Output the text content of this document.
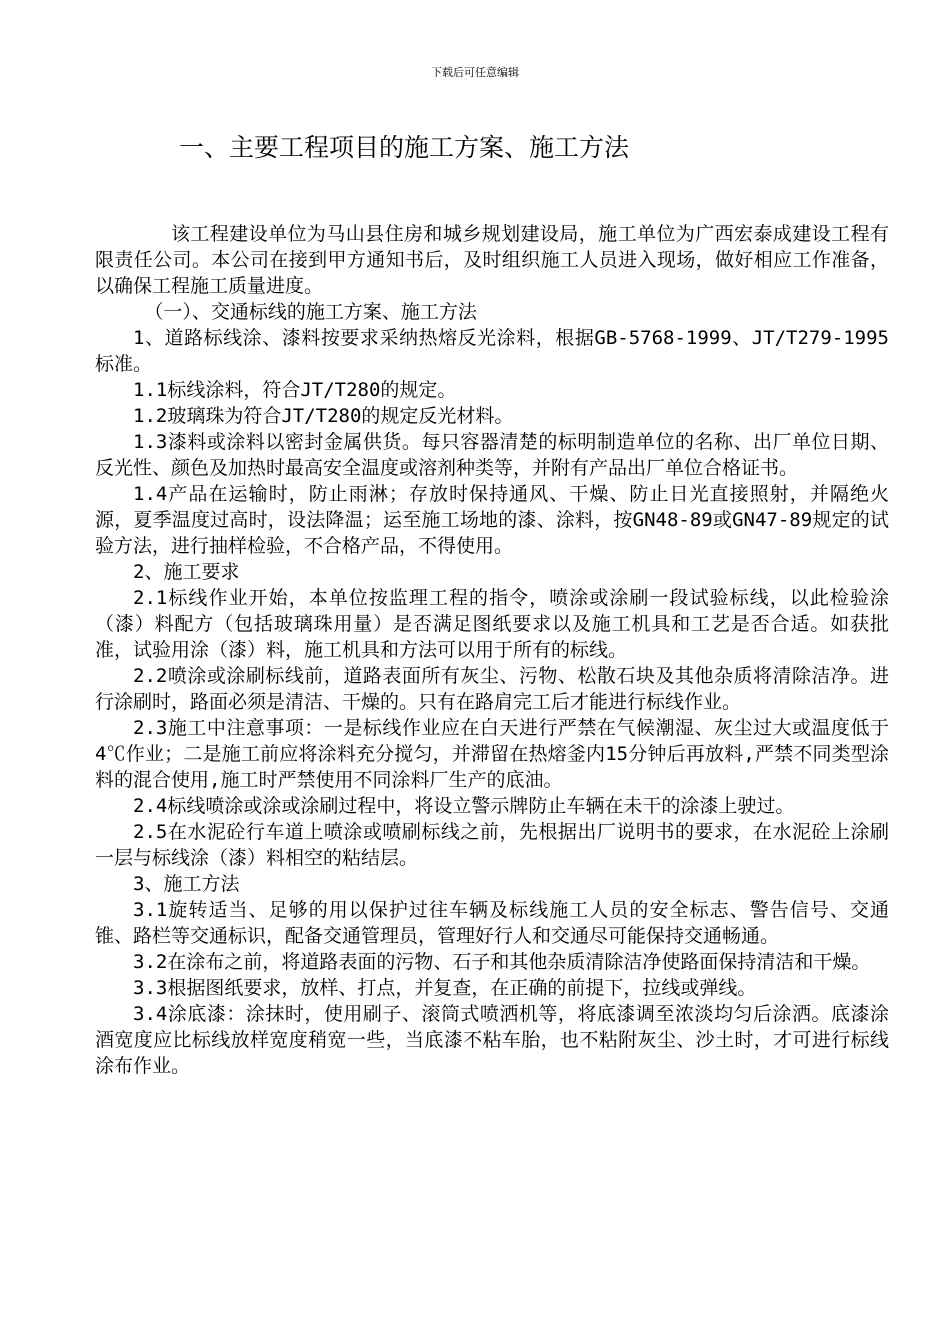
下载后可任意编辑
一、主要工程项目的施工方案、施工方法

该工程建设单位为马山县住房和城乡规划建设局，施工单位为广西宏泰成建设工程有限责任公司。本公司在接到甲方通知书后，及时组织施工人员进入现场，做好相应工作准备，以确保工程施工质量进度。

（一）、交通标线的施工方案、施工方法

1、道路标线涂、漆料按要求采纳热熔反光涂料，根据GB-5768-1999、JT/T279-1995标准。

1.1标线涂料，符合JT/T280的规定。

1.2玻璃珠为符合JT/T280的规定反光材料。

1.3漆料或涂料以密封金属供货。每只容器清楚的标明制造单位的名称、出厂单位日期、反光性、颜色及加热时最高安全温度或溶剂种类等，并附有产品出厂单位合格证书。

1.4产品在运输时，防止雨淋；存放时保持通风、干燥、防止日光直接照射，并隔绝火源，夏季温度过高时，设法降温；运至施工场地的漆、涂料，按GN48-89或GN47-89规定的试验方法，进行抽样检验，不合格产品，不得使用。

2、施工要求

2.1标线作业开始，本单位按监理工程的指令，喷涂或涂刷一段试验标线，以此检验涂（漆）料配方（包括玻璃珠用量）是否满足图纸要求以及施工机具和工艺是否合适。如获批准，试验用涂（漆）料，施工机具和方法可以用于所有的标线。

2.2喷涂或涂刷标线前，道路表面所有灰尘、污物、松散石块及其他杂质将清除洁净。进行涂刷时，路面必须是清洁、干燥的。只有在路肩完工后才能进行标线作业。

2.3施工中注意事项：一是标线作业应在白天进行严禁在气候潮湿、灰尘过大或温度低于4℃作业；二是施工前应将涂料充分搅匀，并滞留在热熔釜内15分钟后再放料,严禁不同类型涂料的混合使用,施工时严禁使用不同涂料厂生产的底油。

2.4标线喷涂或涂或涂刷过程中，将设立警示牌防止车辆在未干的涂漆上驶过。

2.5在水泥砼行车道上喷涂或喷刷标线之前，先根据出厂说明书的要求，在水泥砼上涂刷一层与标线涂（漆）料相空的粘结层。

3、施工方法

3.1旋转适当、足够的用以保护过往车辆及标线施工人员的安全标志、警告信号、交通锥、路栏等交通标识，配备交通管理员，管理好行人和交通尽可能保持交通畅通。

3.2在涂布之前，将道路表面的污物、石子和其他杂质清除洁净使路面保持清洁和干燥。

3.3根据图纸要求，放样、打点，并复查，在正确的前提下，拉线或弹线。

3.4涂底漆：涂抹时，使用刷子、滚筒式喷洒机等，将底漆调至浓淡均匀后涂洒。底漆涂酒宽度应比标线放样宽度稍宽一些，当底漆不粘车胎，也不粘附灰尘、沙土时，才可进行标线涂布作业。
